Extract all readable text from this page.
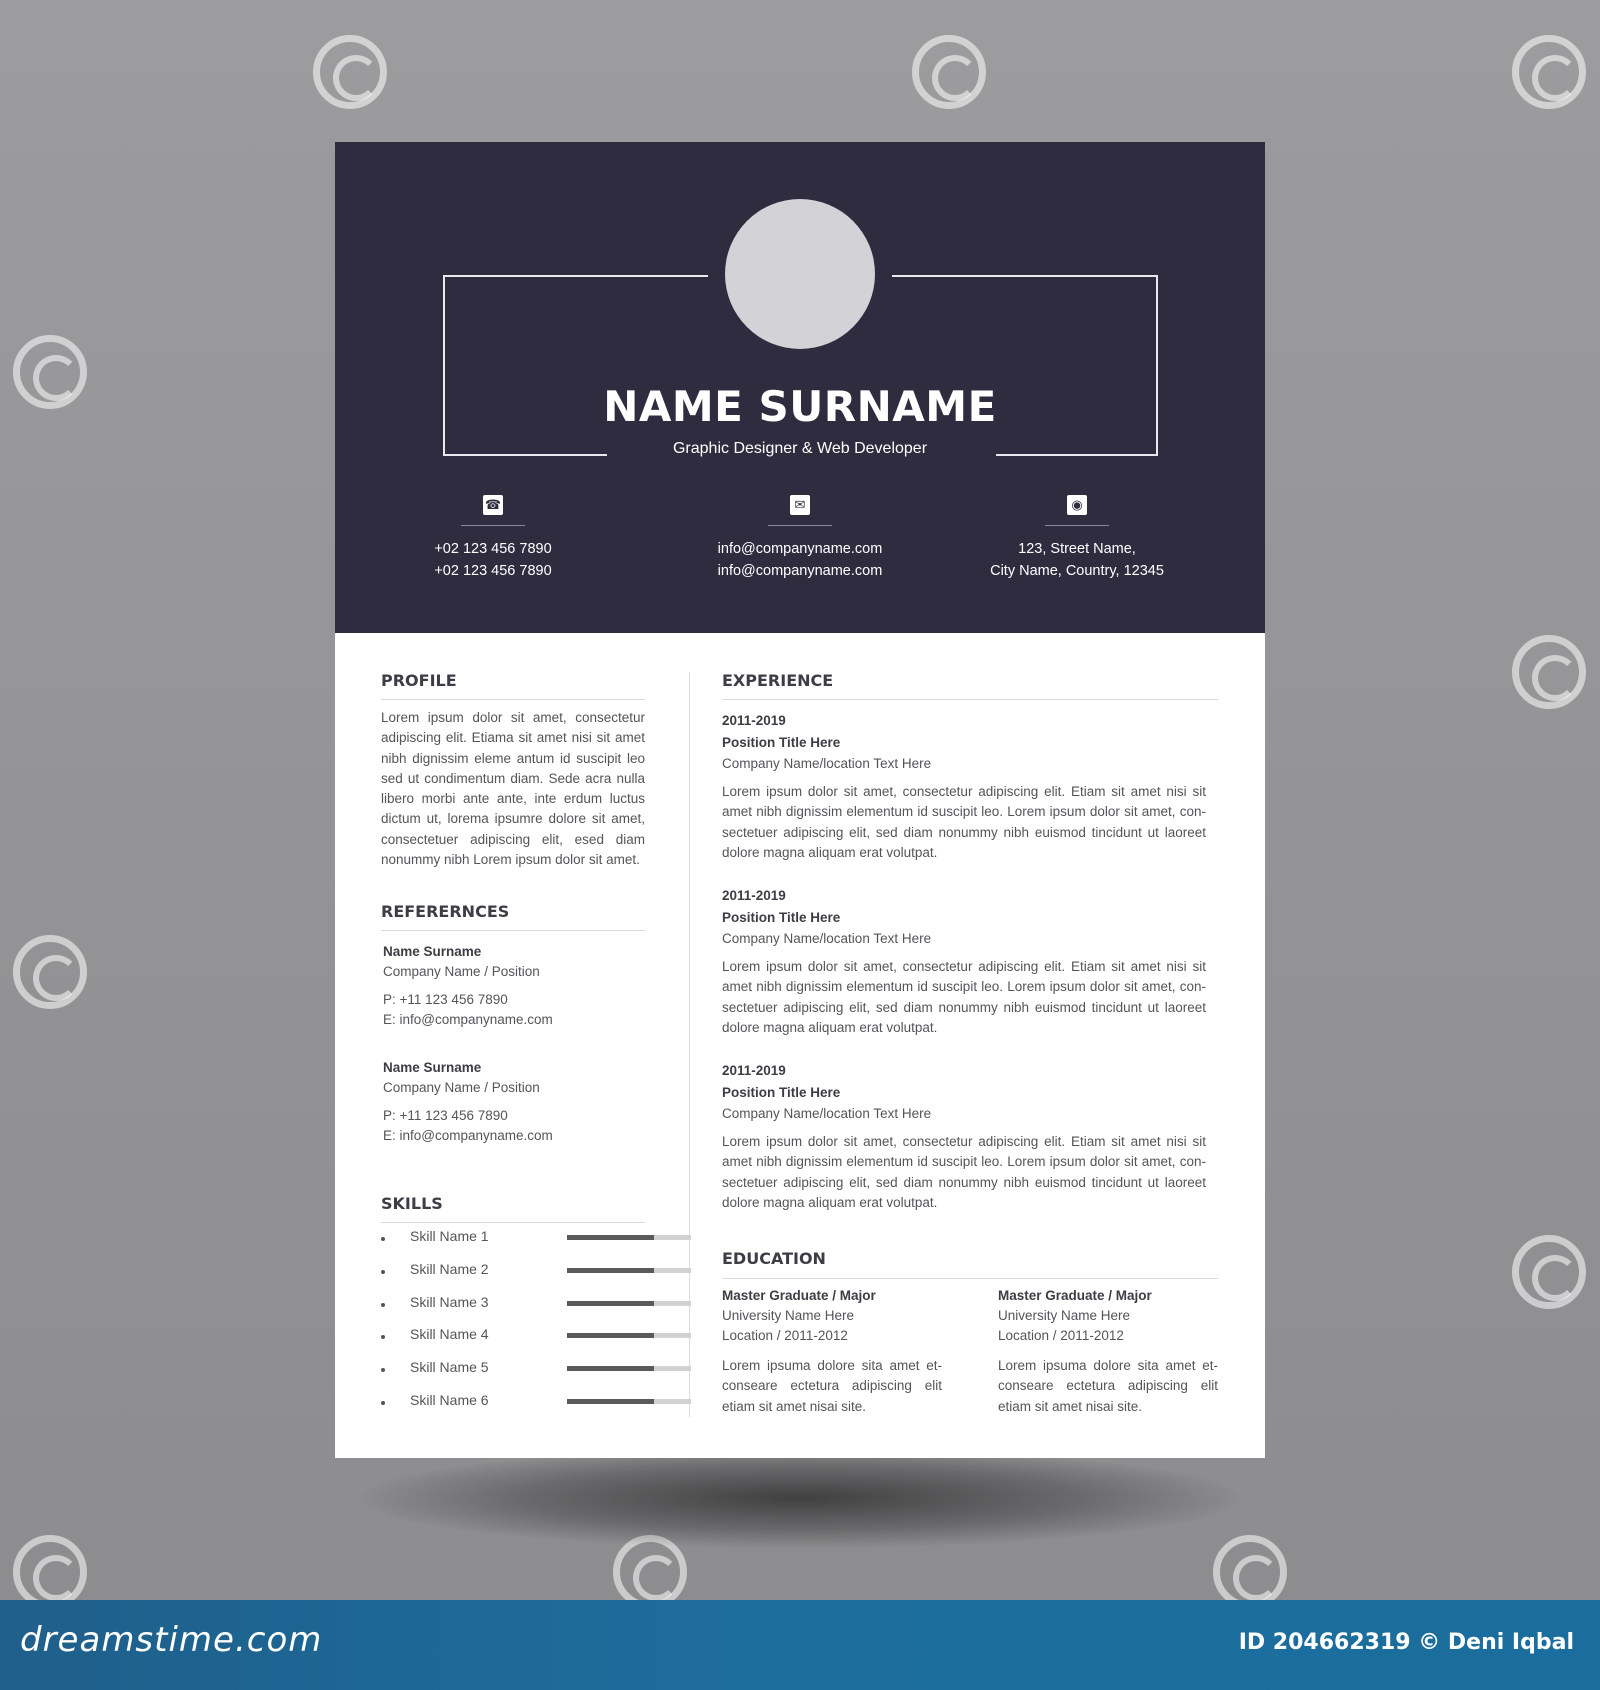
NAME SURNAME
Graphic Designer & Web Developer
☎
+02 123 456 7890
+02 123 456 7890
✉
info@companyname.com
info@companyname.com
◉
123, Street Name,
City Name, Country, 12345
PROFILE
Lorem ipsum dolor sit amet, consectetur adipiscing elit. Etiama sit amet nisi sit amet nibh dignissim eleme antum id suscipit leo sed ut condimentum diam. Sede acra nulla libero morbi ante ante, inte erdum luctus dictum ut, lorema ipsumre dolore sit amet, consectetuer adipiscing elit, esed diam nonummy nibh Lorem ipsum dolor sit amet.
REFERERNCES
Name Surname
Company Name / Position
P: +11 123 456 7890
E: info@companyname.com
Name Surname
Company Name / Position
P: +11 123 456 7890
E: info@companyname.com
SKILLS
Skill Name 1
Skill Name 2
Skill Name 3
Skill Name 4
Skill Name 5
Skill Name 6
EXPERIENCE
2011-2019
Position Title Here
Company Name/location Text Here
Lorem ipsum dolor sit amet, consectetur adipiscing elit. Etiam sit amet nisi sit amet nibh dignissim elementum id suscipit leo. Lorem ipsum dolor sit amet, con-sectetuer adipiscing elit, sed diam nonummy nibh euismod tincidunt ut laoreet dolore magna aliquam erat volutpat.
2011-2019
Position Title Here
Company Name/location Text Here
Lorem ipsum dolor sit amet, consectetur adipiscing elit. Etiam sit amet nisi sit amet nibh dignissim elementum id suscipit leo. Lorem ipsum dolor sit amet, con-sectetuer adipiscing elit, sed diam nonummy nibh euismod tincidunt ut laoreet dolore magna aliquam erat volutpat.
2011-2019
Position Title Here
Company Name/location Text Here
Lorem ipsum dolor sit amet, consectetur adipiscing elit. Etiam sit amet nisi sit amet nibh dignissim elementum id suscipit leo. Lorem ipsum dolor sit amet, con-sectetuer adipiscing elit, sed diam nonummy nibh euismod tincidunt ut laoreet dolore magna aliquam erat volutpat.
EDUCATION
Master Graduate / Major
University Name Here
Location / 2011-2012
Lorem ipsuma dolore sita amet et-conseare ectetura adipiscing elit etiam sit amet nisai site.
Master Graduate / Major
University Name Here
Location / 2011-2012
Lorem ipsuma dolore sita amet et-conseare ectetura adipiscing elit etiam sit amet nisai site.
dreamstime.com	ID 204662319 © Deni Iqbal
